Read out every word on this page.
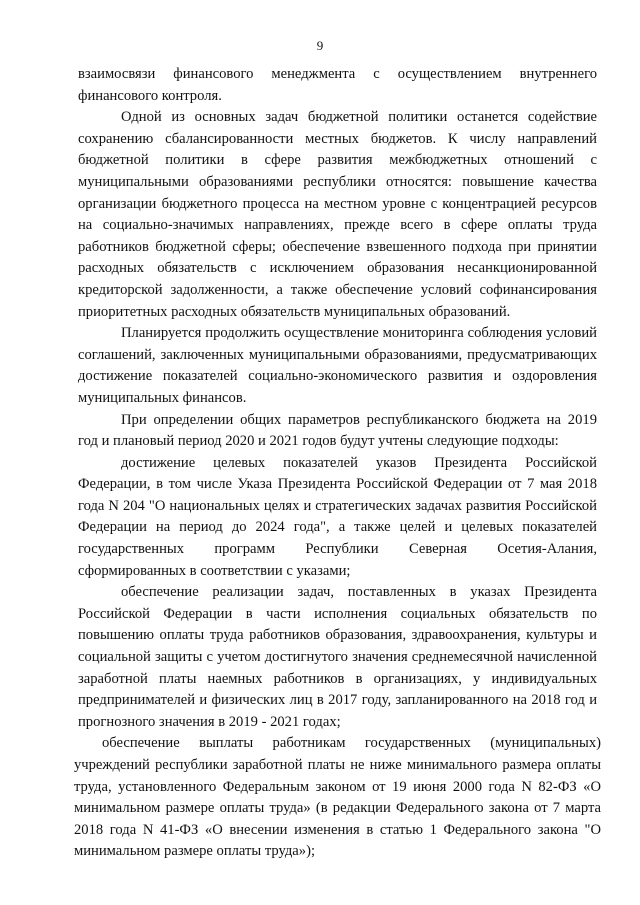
9

взаимосвязи финансового менеджмента с осуществлением внутреннего финансового контроля.

Одной из основных задач бюджетной политики останется содействие сохранению сбалансированности местных бюджетов. К числу направлений бюджетной политики в сфере развития межбюджетных отношений с муниципальными образованиями республики относятся: повышение качества организации бюджетного процесса на местном уровне с концентрацией ресурсов на социально-значимых направлениях, прежде всего в сфере оплаты труда работников бюджетной сферы; обеспечение взвешенного подхода при принятии расходных обязательств с исключением образования несанкционированной кредиторской задолженности, а также обеспечение условий софинансирования приоритетных расходных обязательств муниципальных образований.

Планируется продолжить осуществление мониторинга соблюдения условий соглашений, заключенных муниципальными образованиями, предусматривающих достижение показателей социально-экономического развития и оздоровления муниципальных финансов.

При определении общих параметров республиканского бюджета на 2019 год и плановый период 2020 и 2021 годов будут учтены следующие подходы:

достижение целевых показателей указов Президента Российской Федерации, в том числе Указа Президента Российской Федерации от 7 мая 2018 года N 204 "О национальных целях и стратегических задачах развития Российской Федерации на период до 2024 года", а также целей и целевых показателей государственных программ Республики Северная Осетия-Алания, сформированных в соответствии с указами;

обеспечение реализации задач, поставленных в указах Президента Российской Федерации в части исполнения социальных обязательств по повышению оплаты труда работников образования, здравоохранения, культуры и социальной защиты с учетом достигнутого значения среднемесячной начисленной заработной платы наемных работников в организациях, у индивидуальных предпринимателей и физических лиц в 2017 году, запланированного на 2018 год и прогнозного значения в 2019 - 2021 годах;

обеспечение выплаты работникам государственных (муниципальных) учреждений республики заработной платы не ниже минимального размера оплаты труда, установленного Федеральным законом от 19 июня 2000 года N 82-ФЗ «О минимальном размере оплаты труда» (в редакции Федерального закона от 7 марта 2018 года N 41-ФЗ «О внесении изменения в статью 1 Федерального закона "О минимальном размере оплаты труда»);
